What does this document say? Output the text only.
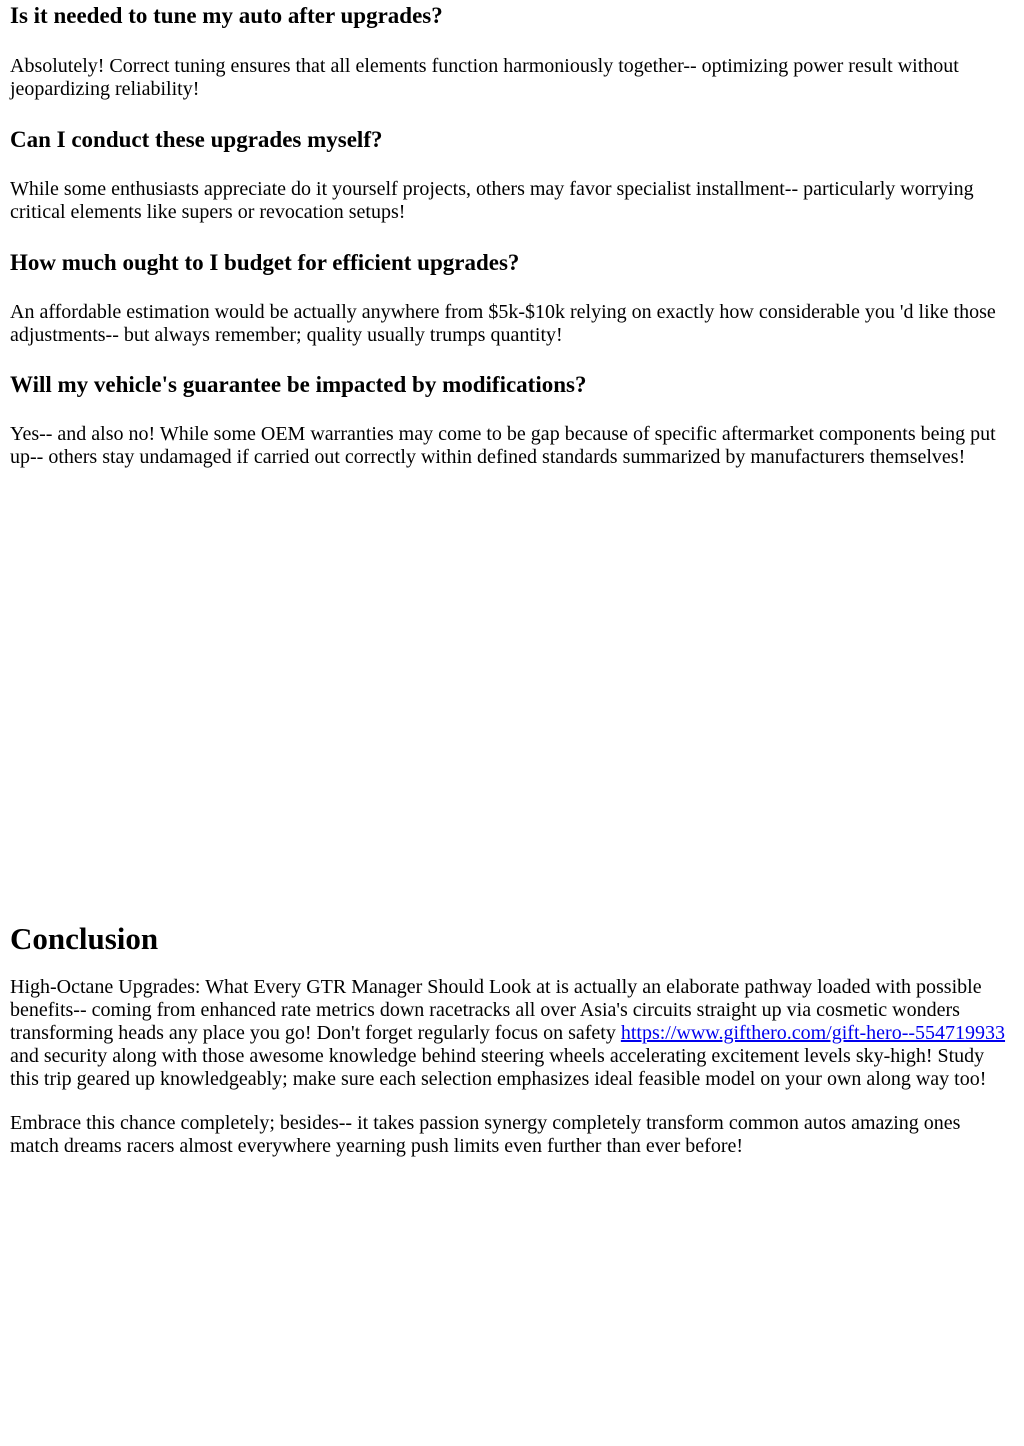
Is it needed to tune my auto after upgrades?

Absolutely! Correct tuning ensures that all elements function harmoniously together-- optimizing power result without jeopardizing reliability!

Can I conduct these upgrades myself?

While some enthusiasts appreciate do it yourself projects, others may favor specialist installment-- particularly worrying critical elements like supers or revocation setups!

How much ought to I budget for efficient upgrades?

An affordable estimation would be actually anywhere from $5k-$10k relying on exactly how considerable you 'd like those adjustments-- but always remember; quality usually trumps quantity!

Will my vehicle's guarantee be impacted by modifications?

Yes-- and also no! While some OEM warranties may come to be gap because of specific aftermarket components being put up-- others stay undamaged if carried out correctly within defined standards summarized by manufacturers themselves!

Conclusion

High-Octane Upgrades: What Every GTR Manager Should Look at is actually an elaborate pathway loaded with possible benefits-- coming from enhanced rate metrics down racetracks all over Asia's circuits straight up via cosmetic wonders transforming heads any place you go! Don't forget regularly focus on safety https://www.gifthero.com/gift-hero--554719933 and security along with those awesome knowledge behind steering wheels accelerating excitement levels sky-high! Study this trip geared up knowledgeably; make sure each selection emphasizes ideal feasible model on your own along way too!

Embrace this chance completely; besides-- it takes passion synergy completely transform common autos amazing ones match dreams racers almost everywhere yearning push limits even further than ever before!
